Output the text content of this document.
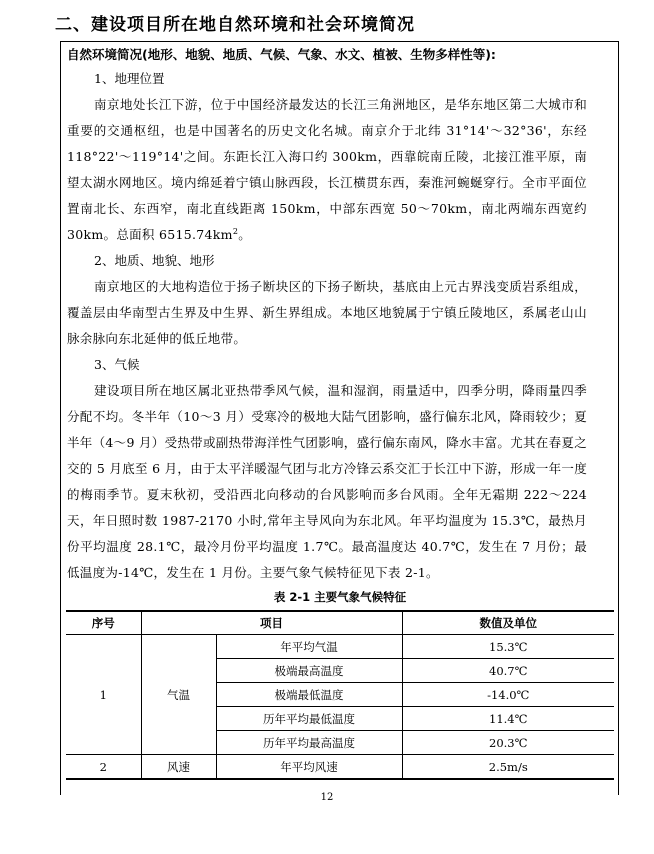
二、建设项目所在地自然环境和社会环境简况
自然环境简况(地形、地貌、地质、气候、气象、水文、植被、生物多样性等):
1、地理位置
南京地处长江下游，位于中国经济最发达的长江三角洲地区，是华东地区第二大城市和重要的交通枢纽，也是中国著名的历史文化名城。南京介于北纬 31°14'～32°36'，东经 118°22'～119°14'之间。东距长江入海口约 300km，西靠皖南丘陵，北接江淮平原，南望太湖水网地区。境内绵延着宁镇山脉西段，长江横贯东西，秦淮河蜿蜒穿行。全市平面位置南北长、东西窄，南北直线距离 150km，中部东西宽 50～70km，南北两端东西宽约 30km。总面积 $6515.74km^2$。
2、地质、地貌、地形
南京地区的大地构造位于扬子断块区的下扬子断块，基底由上元古界浅变质岩系组成，覆盖层由华南型古生界及中生界、新生界组成。本地区地貌属于宁镇丘陵地区，系属老山山脉余脉向东北延伸的低丘地带。
3、气候
建设项目所在地区属北亚热带季风气候，温和湿润，雨量适中，四季分明，降雨量四季分配不均。冬半年（10～3 月）受寒冷的极地大陆气团影响，盛行偏东北风，降雨较少；夏半年（4～9 月）受热带或副热带海洋性气团影响，盛行偏东南风，降水丰富。尤其在春夏之交的 5 月底至 6 月，由于太平洋暖湿气团与北方冷锋云系交汇于长江中下游，形成一年一度的梅雨季节。夏末秋初，受沿西北向移动的台风影响而多台风雨。全年无霜期 222～224 天，年日照时数 1987-2170 小时,常年主导风向为东北风。年平均温度为 15.3℃，最热月份平均温度 28.1℃，最冷月份平均温度 1.7℃。最高温度达 40.7℃，发生在 7 月份；最低温度为-14℃，发生在 1 月份。主要气象气候特征见下表 2-1。
表 2-1 主要气象气候特征
序号	项目		数值及单位
1	气温	年平均气温	15.3℃
		极端最高温度	40.7℃
		极端最低温度	-14.0℃
		历年平均最低温度	11.4℃
		历年平均最高温度	20.3℃
2	风速	年平均风速	2.5m/s
12
